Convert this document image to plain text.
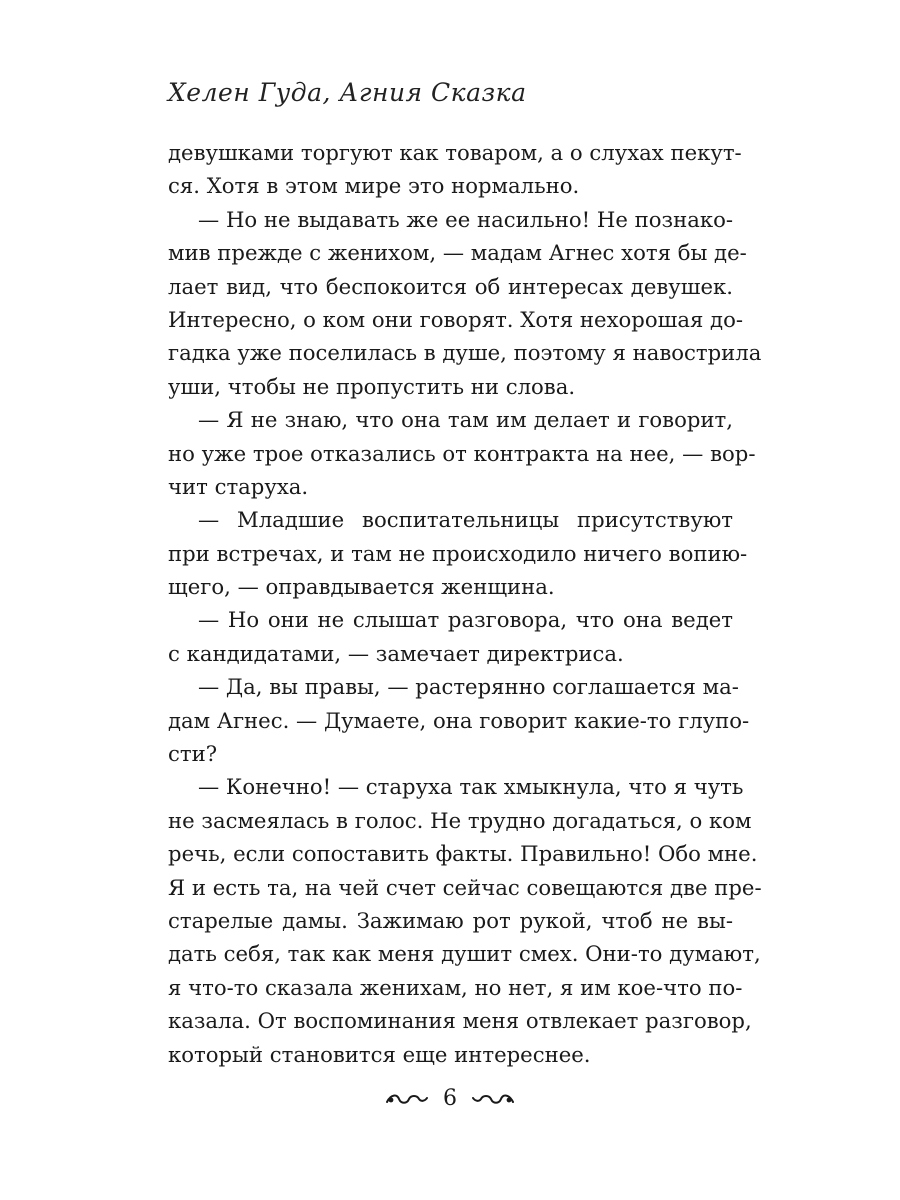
Хелен Гуда, Агния Сказка
девушками торгуют как товаром, а о слухах пекут-
ся. Хотя в этом мире это нормально.
— Но не выдавать же ее насильно! Не познако-
мив прежде с женихом, — мадам Агнес хотя бы де-
лает вид, что беспокоится об интересах девушек.
Интересно, о ком они говорят. Хотя нехорошая до-
гадка уже поселилась в душе, поэтому я навострила
уши, чтобы не пропустить ни слова.
— Я не знаю, что она там им делает и говорит,
но уже трое отказались от контракта на нее, — вор-
чит старуха.
— Младшие воспитательницы присутствуют
при встречах, и там не происходило ничего вопию-
щего, — оправдывается женщина.
— Но они не слышат разговора, что она ведет
с кандидатами, — замечает директриса.
— Да, вы правы, — растерянно соглашается ма-
дам Агнес. — Думаете, она говорит какие-то глупо-
сти?
— Конечно! — старуха так хмыкнула, что я чуть
не засмеялась в голос. Не трудно догадаться, о ком
речь, если сопоставить факты. Правильно! Обо мне.
Я и есть та, на чей счет сейчас совещаются две пре-
старелые дамы. Зажимаю рот рукой, чтоб не вы-
дать себя, так как меня душит смех. Они-то думают,
я что-то сказала женихам, но нет, я им кое-что по-
казала. От воспоминания меня отвлекает разговор,
который становится еще интереснее.
6
